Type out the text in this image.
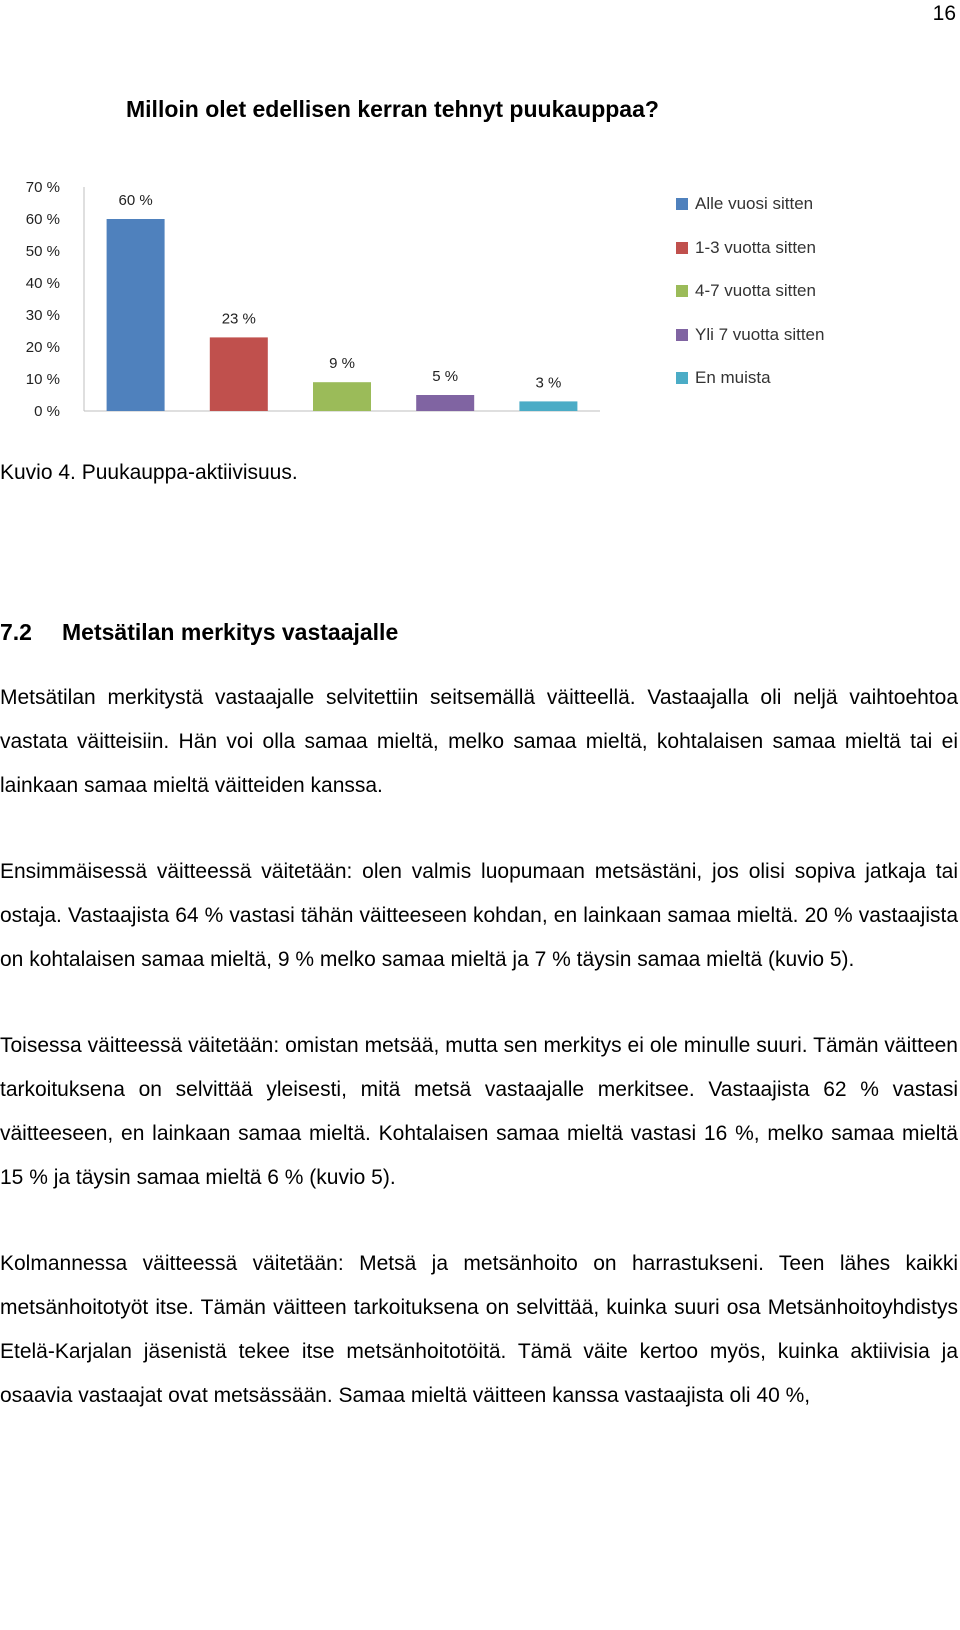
16
Milloin olet edellisen kerran tehnyt puukauppaa?
0 %
10 %
20 %
30 %
40 %
50 %
60 %
70 %
60 %
23 %
9 %
5 %	3 %
Alle vuosi sitten
1-3 vuotta sitten
4-7 vuotta sitten
Yli 7 vuotta sitten
En muista
Kuvio 4. Puukauppa-aktiivisuus.
7.2 Metsätilan merkitys vastaajalle

Metsätilan merkitystä vastaajalle selvitettiin seitsemällä väitteellä. Vastaajalla oli neljä vaihtoehtoa vastata väitteisiin. Hän voi olla samaa mieltä, melko samaa mieltä, kohtalaisen samaa mieltä tai ei lainkaan samaa mieltä väitteiden kanssa.

Ensimmäisessä väitteessä väitetään: olen valmis luopumaan metsästäni, jos olisi sopiva jatkaja tai ostaja. Vastaajista 64 % vastasi tähän väitteeseen kohdan, en lainkaan samaa mieltä. 20 % vastaajista on kohtalaisen samaa mieltä, 9 % melko samaa mieltä ja 7 % täysin samaa mieltä (kuvio 5).

Toisessa väitteessä väitetään: omistan metsää, mutta sen merkitys ei ole minulle suuri. Tämän väitteen tarkoituksena on selvittää yleisesti, mitä metsä vastaajalle merkitsee. Vastaajista 62 % vastasi väitteeseen, en lainkaan samaa mieltä. Kohtalaisen samaa mieltä vastasi 16 %, melko samaa mieltä 15 % ja täysin samaa mieltä 6 % (kuvio 5).

Kolmannessa väitteessä väitetään: Metsä ja metsänhoito on harrastukseni. Teen lähes kaikki metsänhoitotyöt itse. Tämän väitteen tarkoituksena on selvittää, kuinka suuri osa Metsänhoitoyhdistys Etelä-Karjalan jäsenistä tekee itse metsänhoitotöitä. Tämä väite kertoo myös, kuinka aktiivisia ja osaavia vastaajat ovat metsässään. Samaa mieltä väitteen kanssa vastaajista oli 40 %,
